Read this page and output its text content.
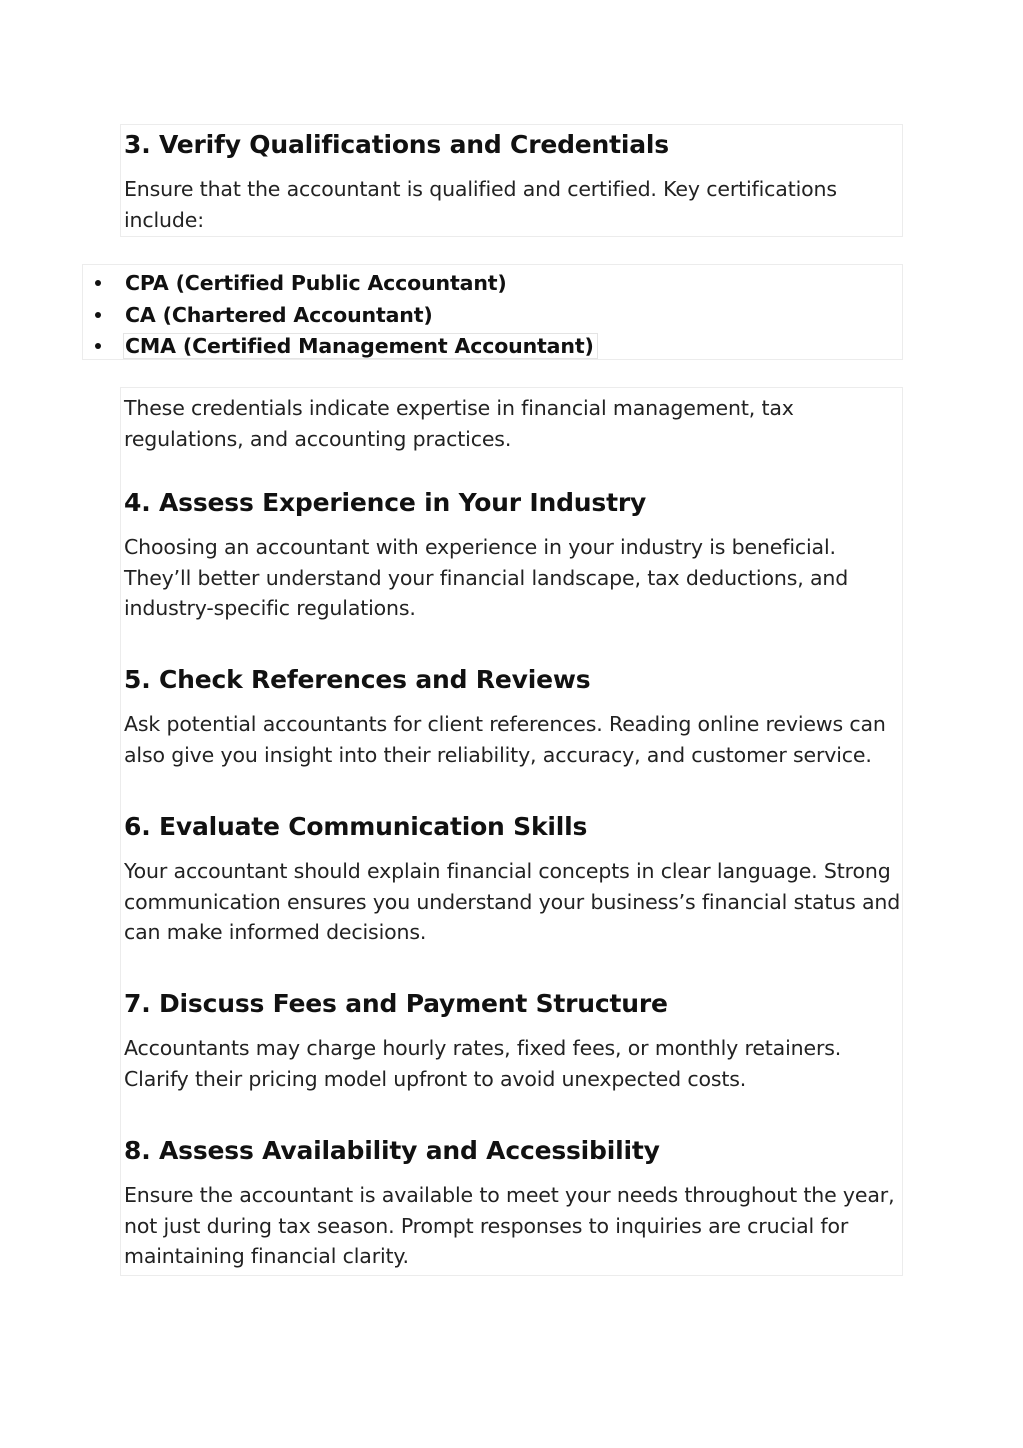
3. Verify Qualifications and Credentials

Ensure that the accountant is qualified and certified. Key certifications include:

CPA (Certified Public Accountant)
CA (Chartered Accountant)
CMA (Certified Management Accountant)

These credentials indicate expertise in financial management, tax regulations, and accounting practices.

4. Assess Experience in Your Industry

Choosing an accountant with experience in your industry is beneficial. They’ll better understand your financial landscape, tax deductions, and industry-specific regulations.

5. Check References and Reviews

Ask potential accountants for client references. Reading online reviews can also give you insight into their reliability, accuracy, and customer service.

6. Evaluate Communication Skills

Your accountant should explain financial concepts in clear language. Strong communication ensures you understand your business’s financial status and can make informed decisions.

7. Discuss Fees and Payment Structure

Accountants may charge hourly rates, fixed fees, or monthly retainers. Clarify their pricing model upfront to avoid unexpected costs.

8. Assess Availability and Accessibility

Ensure the accountant is available to meet your needs throughout the year, not just during tax season. Prompt responses to inquiries are crucial for maintaining financial clarity.
